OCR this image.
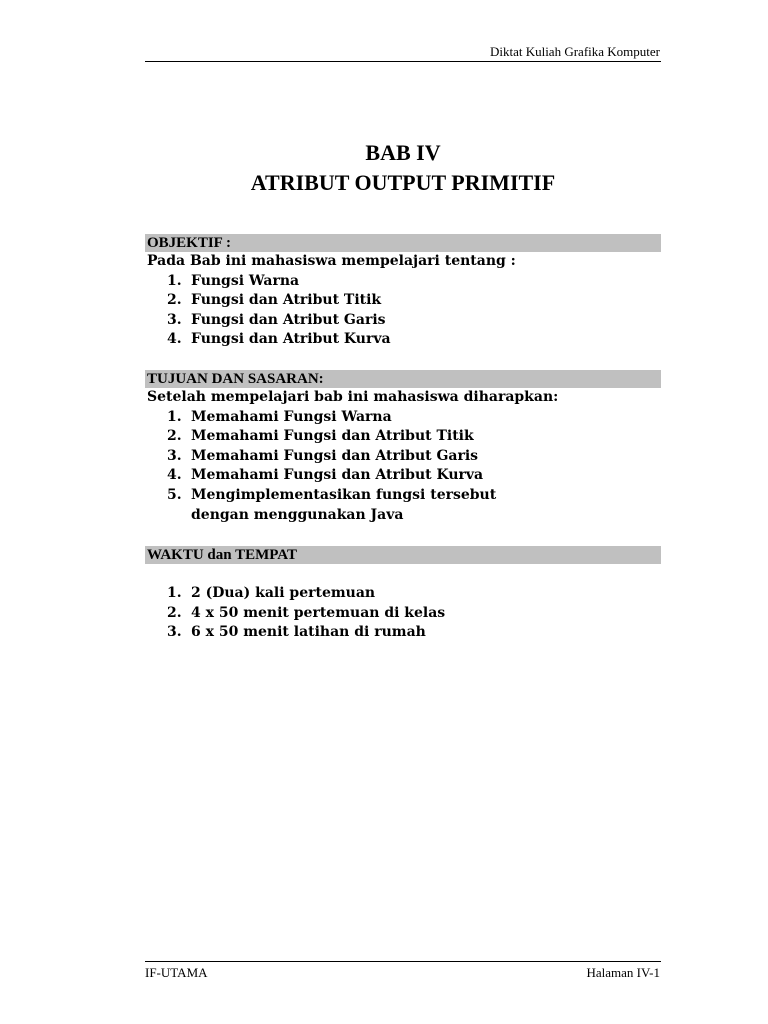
Diktat Kuliah Grafika Komputer
BAB IV
ATRIBUT OUTPUT PRIMITIF
OBJEKTIF :
Pada Bab ini mahasiswa mempelajari tentang :
1. Fungsi Warna
2. Fungsi dan Atribut Titik
3. Fungsi dan Atribut Garis
4. Fungsi dan Atribut Kurva
TUJUAN DAN SASARAN:
Setelah mempelajari bab ini mahasiswa diharapkan:
1. Memahami Fungsi Warna
2. Memahami Fungsi dan Atribut Titik
3. Memahami Fungsi dan Atribut Garis
4. Memahami Fungsi dan Atribut Kurva
5. Mengimplementasikan fungsi tersebut dengan menggunakan Java
WAKTU dan TEMPAT
1. 2 (Dua) kali pertemuan
2. 4 x 50 menit pertemuan di kelas
3. 6 x 50 menit latihan di rumah
IF-UTAMA	Halaman IV-1
